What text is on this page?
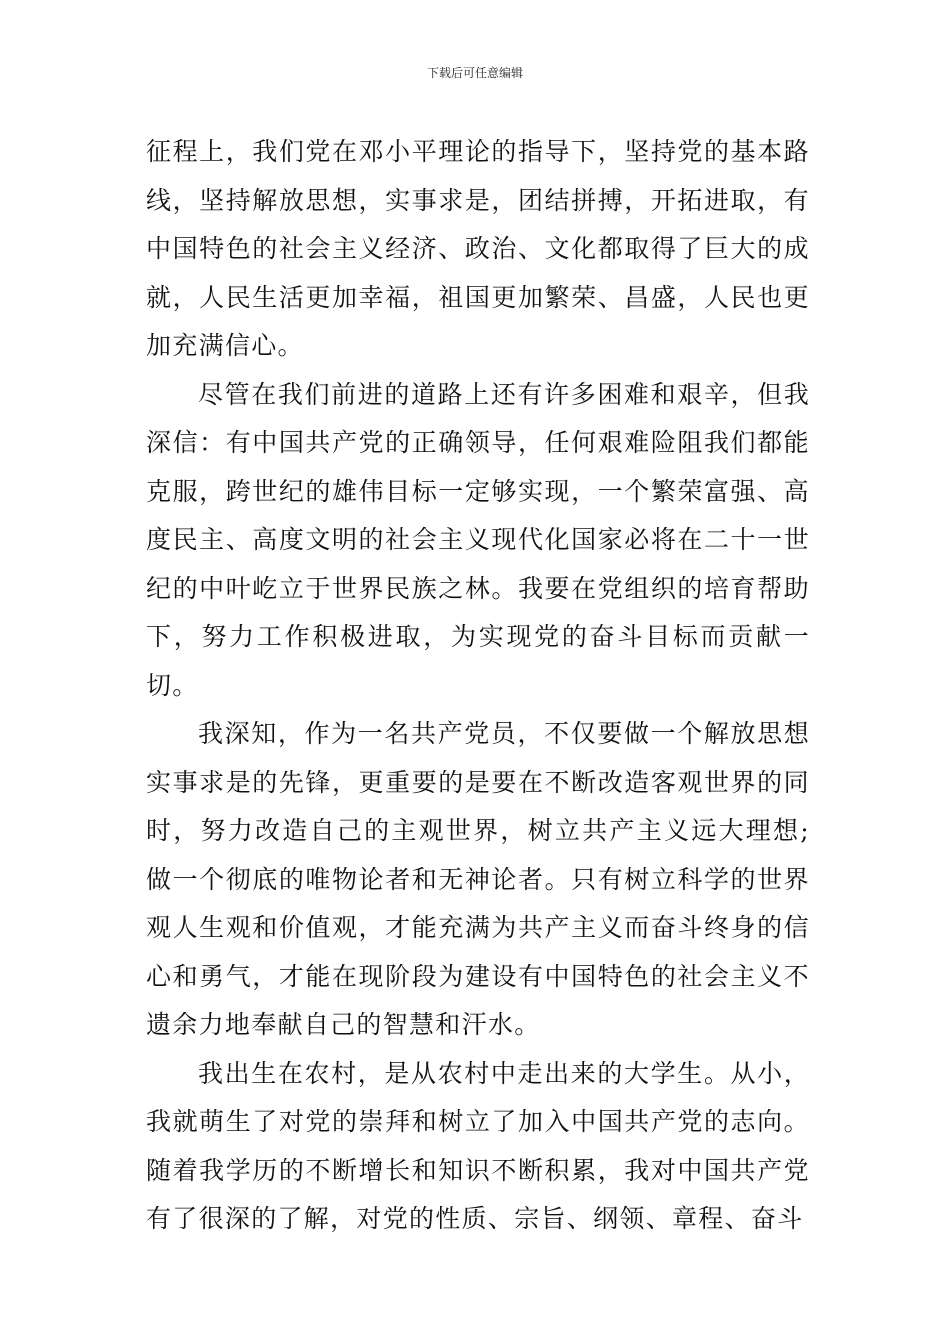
下载后可任意编辑

征程上，我们党在邓小平理论的指导下，坚持党的基本路线，坚持解放思想，实事求是，团结拼搏，开拓进取，有中国特色的社会主义经济、政治、文化都取得了巨大的成就，人民生活更加幸福，祖国更加繁荣、昌盛，人民也更加充满信心。

尽管在我们前进的道路上还有许多困难和艰辛，但我深信：有中国共产党的正确领导，任何艰难险阻我们都能克服，跨世纪的雄伟目标一定够实现，一个繁荣富强、高度民主、高度文明的社会主义现代化国家必将在二十一世纪的中叶屹立于世界民族之林。我要在党组织的培育帮助下，努力工作积极进取，为实现党的奋斗目标而贡献一切。

我深知，作为一名共产党员，不仅要做一个解放思想实事求是的先锋，更重要的是要在不断改造客观世界的同时，努力改造自己的主观世界，树立共产主义远大理想;做一个彻底的唯物论者和无神论者。只有树立科学的世界观人生观和价值观，才能充满为共产主义而奋斗终身的信心和勇气，才能在现阶段为建设有中国特色的社会主义不遗余力地奉献自己的智慧和汗水。

我出生在农村，是从农村中走出来的大学生。从小，我就萌生了对党的崇拜和树立了加入中国共产党的志向。随着我学历的不断增长和知识不断积累，我对中国共产党有了很深的了解，对党的性质、宗旨、纲领、章程、奋斗
